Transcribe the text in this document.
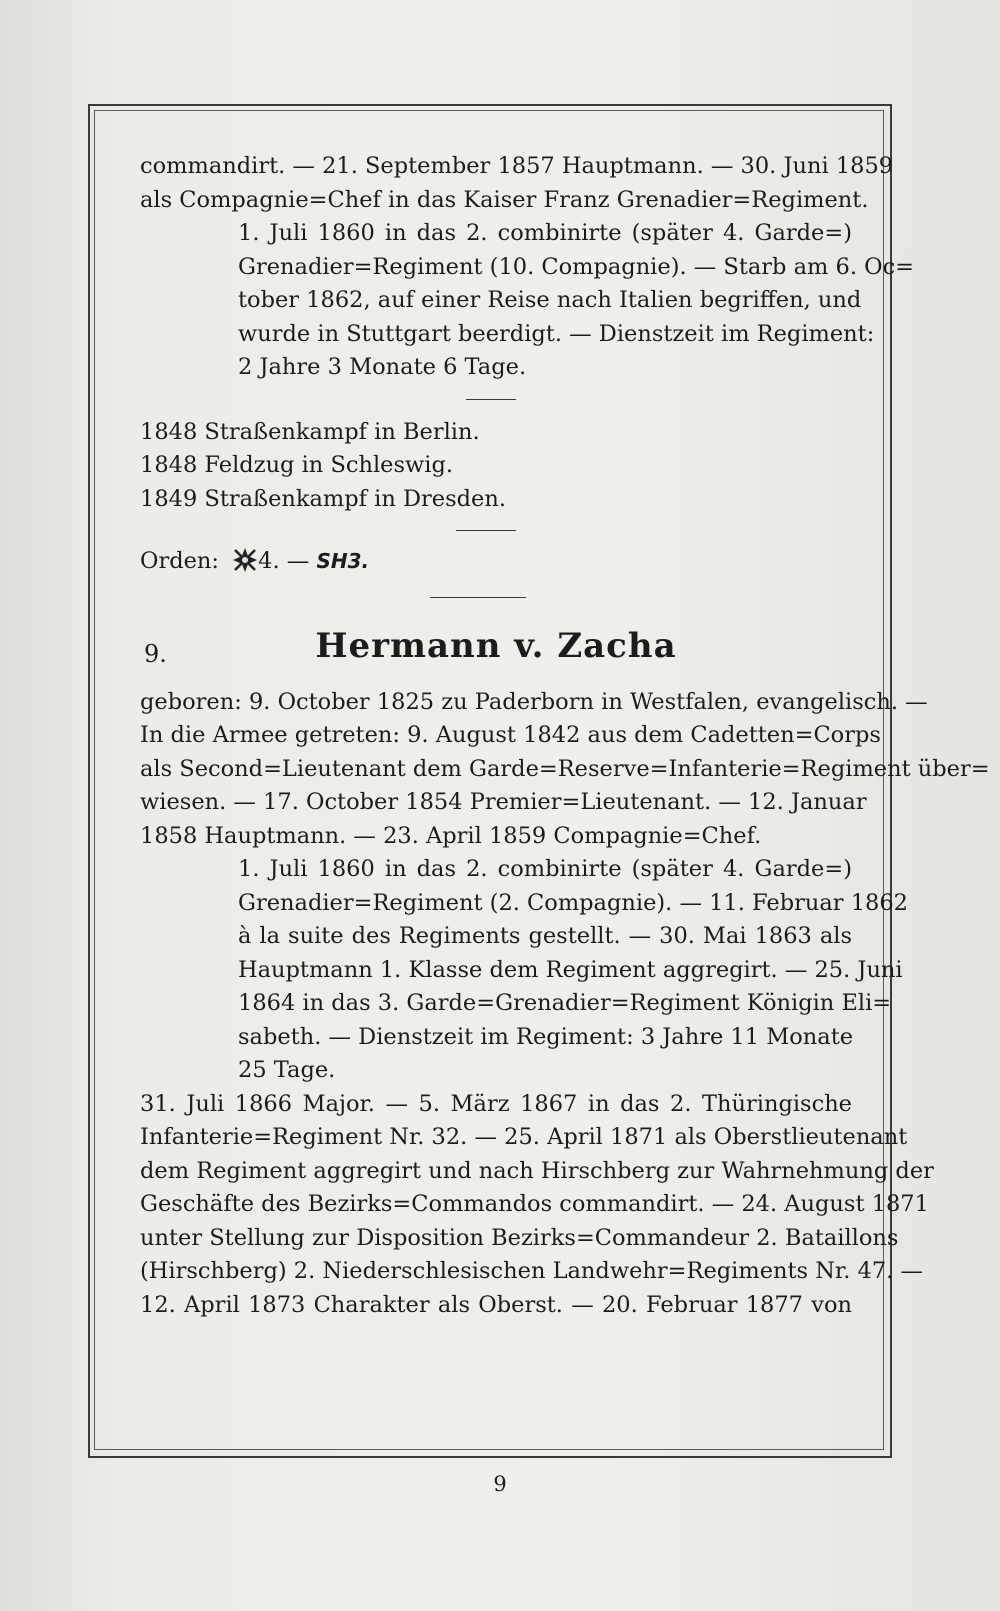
commandirt. — 21. September 1857 Hauptmann. — 30. Juni 1859
als Compagnie=Chef in das Kaiser Franz Grenadier=Regiment.
1. Juli 1860 in das 2. combinirte (später 4. Garde=)
Grenadier=Regiment (10. Compagnie). — Starb am 6. Oc=
tober 1862, auf einer Reise nach Italien begriffen, und
wurde in Stuttgart beerdigt. — Dienstzeit im Regiment:
2 Jahre 3 Monate 6 Tage.
1848 Straßenkampf in Berlin.
1848 Feldzug in Schleswig.
1849 Straßenkampf in Dresden.
Orden: 4. — SH3.
9.	Hermann v. Zacha
geboren: 9. October 1825 zu Paderborn in Westfalen, evangelisch. —
In die Armee getreten: 9. August 1842 aus dem Cadetten=Corps
als Second=Lieutenant dem Garde=Reserve=Infanterie=Regiment über=
wiesen. — 17. October 1854 Premier=Lieutenant. — 12. Januar
1858 Hauptmann. — 23. April 1859 Compagnie=Chef.
1. Juli 1860 in das 2. combinirte (später 4. Garde=)
Grenadier=Regiment (2. Compagnie). — 11. Februar 1862
à la suite des Regiments gestellt. — 30. Mai 1863 als
Hauptmann 1. Klasse dem Regiment aggregirt. — 25. Juni
1864 in das 3. Garde=Grenadier=Regiment Königin Eli=
sabeth. — Dienstzeit im Regiment: 3 Jahre 11 Monate
25 Tage.
31. Juli 1866 Major. — 5. März 1867 in das 2. Thüringische
Infanterie=Regiment Nr. 32. — 25. April 1871 als Oberstlieutenant
dem Regiment aggregirt und nach Hirschberg zur Wahrnehmung der
Geschäfte des Bezirks=Commandos commandirt. — 24. August 1871
unter Stellung zur Disposition Bezirks=Commandeur 2. Bataillons
(Hirschberg) 2. Niederschlesischen Landwehr=Regiments Nr. 47. —
12. April 1873 Charakter als Oberst. — 20. Februar 1877 von
9
